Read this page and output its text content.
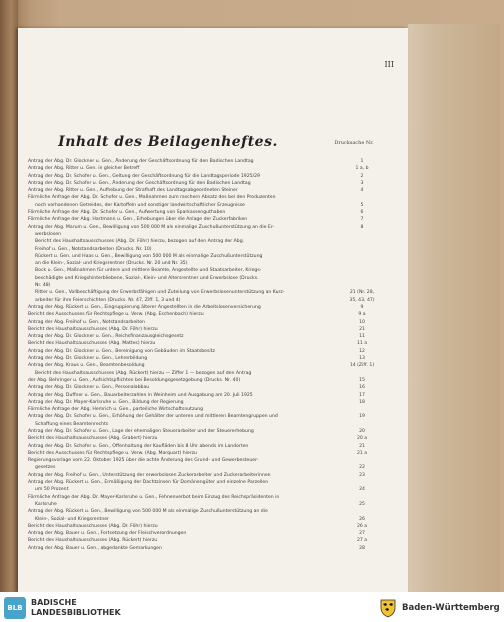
III
Inhalt des Beilagenheftes.	Drucksache Nr.
Antrag der Abg. Dr. Glockner u. Gen., Änderung der Geschäftsordnung für den Badischen Landtag	1
Antrag der Abg. Ritter u. Gen. in gleicher Betreff	1 a, b
Antrag der Abg. Dr. Schofer u. Gen., Geltung der Geschäftsordnung für die Landtagsperiode 1925/29	2
Antrag der Abg. Dr. Schofer u. Gen., Änderung der Geschäftsordnung für den Badischen Landtag	3
Antrag der Abg. Ritter u. Gen., Aufhebung der Strafhaft des Landtagsabgeordneten Steiner	4
Förmliche Anfrage der Abg. Dr. Schofer u. Gen., Maßnahmen zum raschern Absatz des bei den Produzenten
noch vorhandenen Getreides, der Kartoffeln und sonstiger landwirtschaftlicher Erzeugnisse	5
Förmliche Anfrage der Abg. Dr. Schofer u. Gen., Aufwertung von Sparkassenguthaben	6
Förmliche Anfrage der Abg. Hartmann u. Gen., Erhebungen über die Anlage der Zuckerfabriken	7
Antrag der Abg. Marum u. Gen., Bewilligung von 500 000 M als einmalige Zuschußunterstützung an die Er-	8
werbslosen
Bericht des Haushaltsausschusses (Abg. Dr. Föhr) hierzu, bezogen auf den Antrag der Abg.
Freihof u. Gen., Notstandsarbeiten (Drucks. Nr. 10)
Rückert u. Gen. und Haas u. Gen., Bewilligung von 500 000 M als einmalige Zuschußunterstützung
an die Klein-, Sozial- und Kriegsrentner (Drucks. Nr. 20 und Nr. 35)
Bock u. Gen., Maßnahmen für untere und mittlere Beamte, Angestellte und Staatsarbeiter, Kriegs-
beschädigte und Kriegshinterbliebene, Sozial-, Klein- und Altersrentner und Erwerbslose (Drucks.
Nr. 48)
Ritter u. Gen., Vollbeschäftigung der Erwerbsfähigen und Zuteilung von Erwerbslosenunterstützung an Kurz-	21 (Nr. 28,
arbeiter für ihre Feierschichten (Drucks. Nr. 47, Ziff. 1, 3 und 4)	35, 43, 47)
Antrag der Abg. Rückert u. Gen., Eingruppierung älterer Angestellten in die Arbeitslosenversicherung	9
Bericht des Ausschusses für Rechtspflege u. Verw. (Abg. Eschenbach) hierzu	9 a
Antrag der Abg. Freihof u. Gen., Notstandsarbeiten	10
Bericht des Haushaltsausschusses (Abg. Dr. Föhr) hierzu	21
Antrag der Abg. Dr. Glockner u. Gen., Reichsfinanzausgleichsgesetz	11
Bericht des Haushaltsausschusses (Abg. Mattes) hierzu	11 a
Antrag der Abg. Dr. Glockner u. Gen., Bereinigung von Gebäuden im Staatsbesitz	12
Antrag der Abg. Dr. Glockner u. Gen., Lehrerbildung	13
Antrag der Abg. Kraus u. Gen., Beamtenbesoldung	14 (Ziff. 1)
Bericht des Haushaltsausschusses (Abg. Rückert) hierzu — Ziffer 1 — bezogen auf den Antrag
der Abg. Behringer u. Gen., Aufsichtspflichten bei Besoldungsgesetzgebung (Drucks. Nr. 40)	15
Antrag der Abg. Dr. Glockner u. Gen., Personalabbau	16
Antrag der Abg. Duffner u. Gen., Bauarbeiterzahlen in Weinheim und Ausgabung am 20. Juli 1925	17
Antrag der Abg. Dr. Mayer-Karlsruhe u. Gen., Bildung der Regierung	18
Förmliche Anfrage der Abg. Hemrich u. Gen., parteiliche Wirtschaftsnutzung
Antrag der Abg. Dr. Schofer u. Gen., Erhöhung der Gehälter der unteren und mittleren Beamtengruppen und	19
Schaffung eines Beamtenrechts
Antrag der Abg. Dr. Schofer u. Gen., Lage der ehemaligen Steuerarbeiter und der Steuererhebung	20
Bericht des Haushaltsausschusses (Abg. Grabert) hierzu	20 a
Antrag der Abg. Dr. Schofer u. Gen., Offenhaltung der Kaufläden bis 8 Uhr abends im Landorten	21
Bericht des Ausschusses für Rechtspflege u. Verw. (Abg. Marquart) hierzu	21 a
Regierungsvorlage vom 22. Oktober 1925 über die achte Änderung des Grund- und Gewerbesteuer-
gesetzes	22
Antrag der Abg. Freihof u. Gen., Unterstützung der erwerbslosen Zuckerarbeiter und Zuckerarbeiterinnen	23
Antrag der Abg. Rückert u. Gen., Ermäßigung der Dachtzinsen für Domänengüter und einzelne Parzellen
um 50 Prozent	24
Förmliche Anfrage der Abg. Dr. Mayer-Karlsruhe u. Gen., Fehnenverbot beim Einzug des Reichspräsidenten in
Karlsruhe	25
Antrag der Abg. Rückert u. Gen., Bewilligung von 500 000 M als einmalige Zuschußunterstützung an die
Klein-, Sozial- und Kriegsrentner	26
Bericht des Haushaltsausschusses (Abg. Dr. Föhr) hierzu	26 a
Antrag der Abg. Bauer u. Gen., Fortsetzung der Fleischverordnungen	27
Bericht des Haushaltsausschusses (Abg. Rückert) hierzu	27 a
Antrag der Abg. Bauer u. Gen., abgedankte Gemarkungen	28
BLB
BADISCHE
LANDESBIBLIOTHEK	Baden-Württemberg
